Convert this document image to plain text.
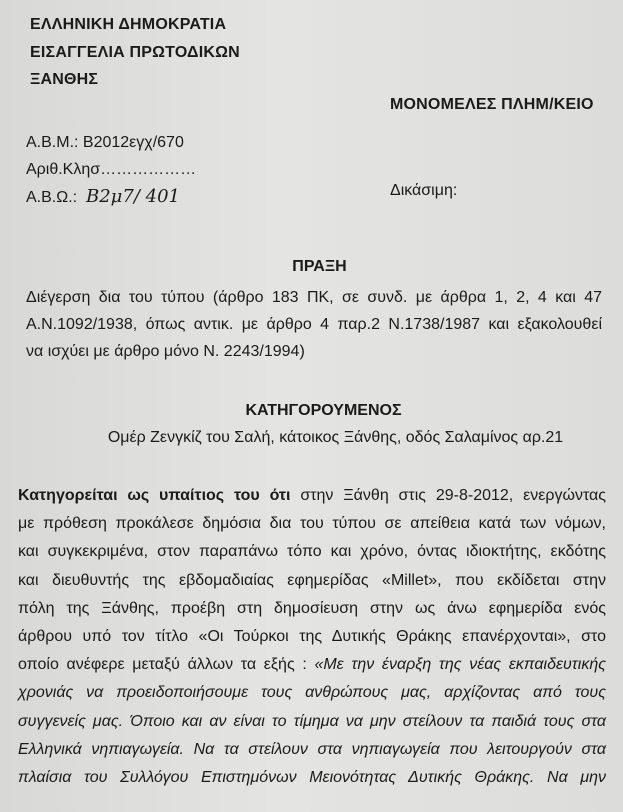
ΕΛΛΗΝΙΚΗ ΔΗΜΟΚΡΑΤΙΑ
ΕΙΣΑΓΓΕΛΙΑ ΠΡΩΤΟΔΙΚΩΝ
ΞΑΝΘΗΣ
ΜΟΝΟΜΕΛΕΣ ΠΛΗΜ/ΚΕΙΟ
Α.Β.Μ.: Β2012εγχ/670
Αριθ.Κλησ………………
Α.Β.Ω.: Β2μ7/ 401	Δικάσιμη:
ΠΡΑΞΗ
Διέγερση δια του τύπου (άρθρο 183 ΠΚ, σε συνδ. με άρθρα 1, 2, 4 και 47
Α.Ν.1092/1938, όπως αντικ. με άρθρο 4 παρ.2 Ν.1738/1987 και εξακολουθεί
να ισχύει με άρθρο μόνο Ν. 2243/1994)
ΚΑΤΗΓΟΡΟΥΜΕΝΟΣ
Ομέρ Ζενγκίζ του Σαλή, κάτοικος Ξάνθης, οδός Σαλαμίνος αρ.21
Κατηγορείται ως υπαίτιος του ότι στην Ξάνθη στις 29-8-2012, ενεργώντας
με πρόθεση προκάλεσε δημόσια δια του τύπου σε απείθεια κατά των νόμων,
και συγκεκριμένα, στον παραπάνω τόπο και χρόνο, όντας ιδιοκτήτης, εκδότης
και διευθυντής της εβδομαδιαίας εφημερίδας «Millet», που εκδίδεται στην
πόλη της Ξάνθης, προέβη στη δημοσίευση στην ως άνω εφημερίδα ενός
άρθρου υπό τον τίτλο «Οι Τούρκοι της Δυτικής Θράκης επανέρχονται», στο
οποίο ανέφερε μεταξύ άλλων τα εξής : «Με την έναρξη της νέας εκπαιδευτικής
χρονιάς να προειδοποιήσουμε τους ανθρώπους μας, αρχίζοντας από τους
συγγενείς μας. Όποιο και αν είναι το τίμημα να μην στείλουν τα παιδιά τους στα
Ελληνικά νηπιαγωγεία. Να τα στείλουν στα νηπιαγωγεία που λειτουργούν στα
πλαίσια του Συλλόγου Επιστημόνων Μειονότητας Δυτικής Θράκης. Να μην
